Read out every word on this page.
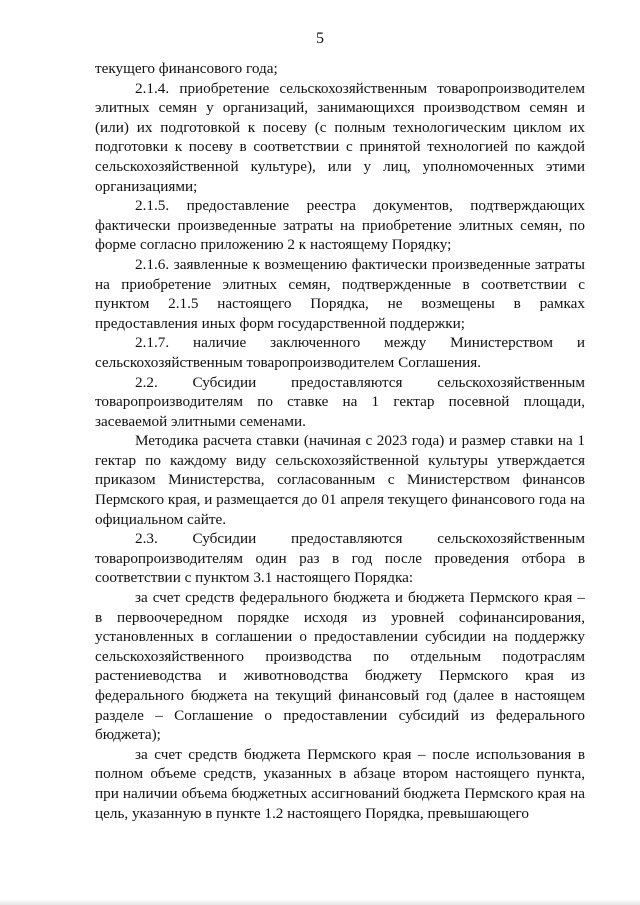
5

текущего финансового года;

2.1.4. приобретение сельскохозяйственным товаропроизводителем элитных семян у организаций, занимающихся производством семян и (или) их подготовкой к посеву (с полным технологическим циклом их подготовки к посеву в соответствии с принятой технологией по каждой сельскохозяйственной культуре), или у лиц, уполномоченных этими организациями;

2.1.5. предоставление реестра документов, подтверждающих фактически произведенные затраты на приобретение элитных семян, по форме согласно приложению 2 к настоящему Порядку;

2.1.6. заявленные к возмещению фактически произведенные затраты на приобретение элитных семян, подтвержденные в соответствии с пунктом 2.1.5 настоящего Порядка, не возмещены в рамках предоставления иных форм государственной поддержки;

2.1.7. наличие заключенного между Министерством и сельскохозяйственным товаропроизводителем Соглашения.

2.2. Субсидии предоставляются сельскохозяйственным товаропроизводителям по ставке на 1 гектар посевной площади, засеваемой элитными семенами.

Методика расчета ставки (начиная с 2023 года) и размер ставки на 1 гектар по каждому виду сельскохозяйственной культуры утверждается приказом Министерства, согласованным с Министерством финансов Пермского края, и размещается до 01 апреля текущего финансового года на официальном сайте.

2.3. Субсидии предоставляются сельскохозяйственным товаропроизводителям один раз в год после проведения отбора в соответствии с пунктом 3.1 настоящего Порядка:

за счет средств федерального бюджета и бюджета Пермского края – в первоочередном порядке исходя из уровней софинансирования, установленных в соглашении о предоставлении субсидии на поддержку сельскохозяйственного производства по отдельным подотраслям растениеводства и животноводства бюджету Пермского края из федерального бюджета на текущий финансовый год (далее в настоящем разделе – Соглашение о предоставлении субсидий из федерального бюджета);

за счет средств бюджета Пермского края – после использования в полном объеме средств, указанных в абзаце втором настоящего пункта, при наличии объема бюджетных ассигнований бюджета Пермского края на цель, указанную в пункте 1.2 настоящего Порядка, превышающего
